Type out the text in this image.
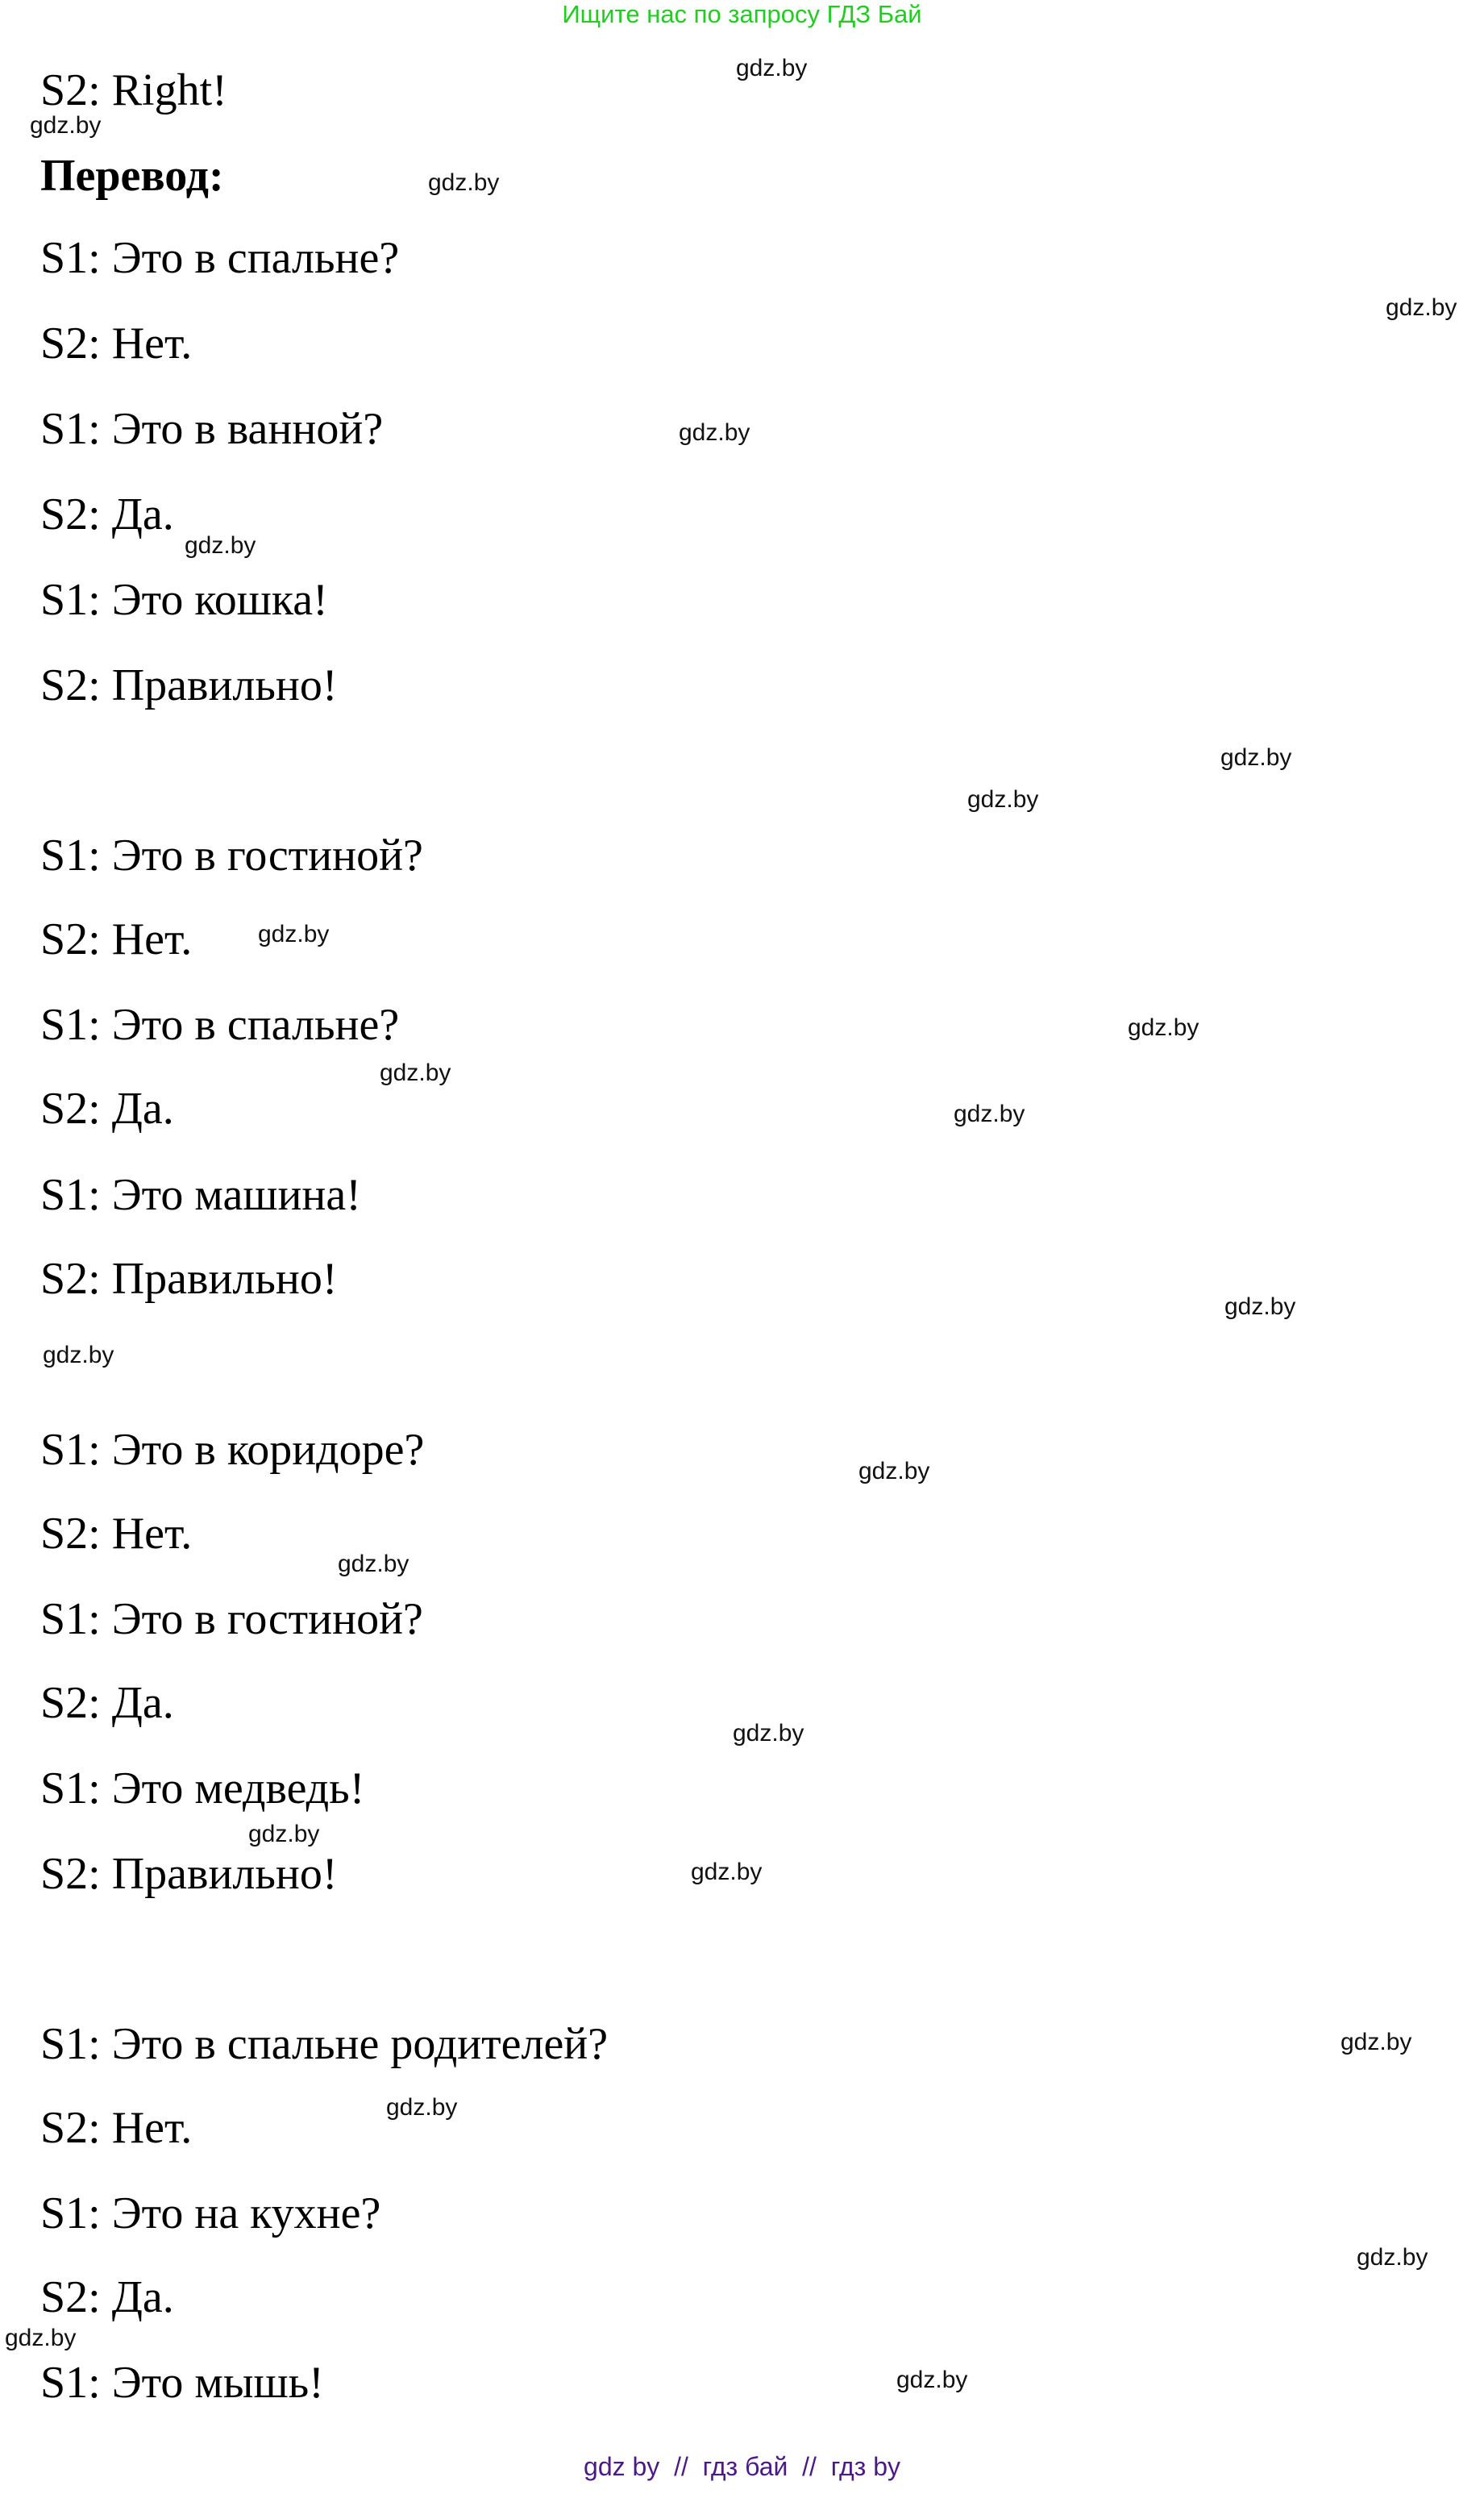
Ищите нас по запросу ГДЗ Бай
S2: Right!
Перевод:
S1: Это в спальне?
S2: Нет.
S1: Это в ванной?
S2: Да.
S1: Это кошка!
S2: Правильно!
S1: Это в гостиной?
S2: Нет.
S1: Это в спальне?
S2: Да.
S1: Это машина!
S2: Правильно!
S1: Это в коридоре?
S2: Нет.
S1: Это в гостиной?
S2: Да.
S1: Это медведь!
S2: Правильно!
S1: Это в спальне родителей?
S2: Нет.
S1: Это на кухне?
S2: Да.
S1: Это мышь!
gdz.by
gdz.by
gdz.by
gdz.by
gdz.by
gdz.by
gdz.by
gdz.by
gdz.by
gdz.by
gdz.by
gdz.by
gdz.by
gdz.by
gdz.by
gdz.by
gdz.by
gdz.by
gdz.by
gdz.by
gdz.by
gdz.by
gdz.by
gdz.by
gdz by  //  гдз бай  //  гдз by
